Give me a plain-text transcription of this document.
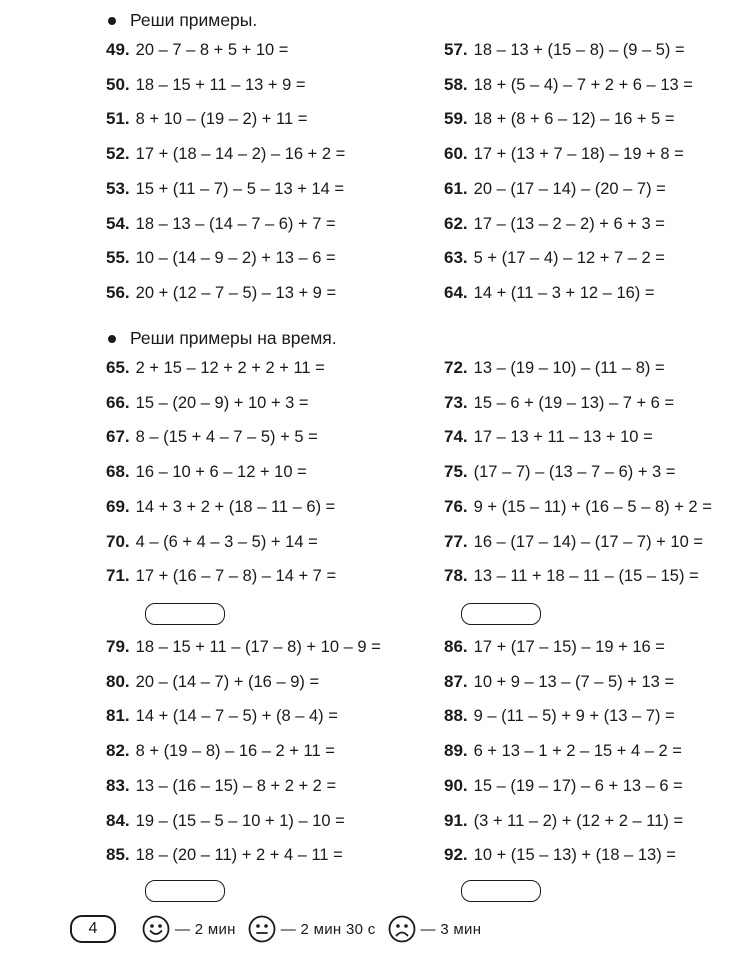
Реши примеры.
49. 20 – 7 – 8 + 5 + 10 =
50. 18 – 15 + 11 – 13 + 9 =
51. 8 + 10 – (19 – 2) + 11 =
52. 17 + (18 – 14 – 2) – 16 + 2 =
53. 15 + (11 – 7) – 5 – 13 + 14 =
54. 18 – 13 – (14 – 7 – 6) + 7 =
55. 10 – (14 – 9 – 2) + 13 – 6 =
56. 20 + (12 – 7 – 5) – 13 + 9 =
57. 18 – 13 + (15 – 8) – (9 – 5) =
58. 18 + (5 – 4) – 7 + 2 + 6 – 13 =
59. 18 + (8 + 6 – 12) – 16 + 5 =
60. 17 + (13 + 7 – 18) – 19 + 8 =
61. 20 – (17 – 14) – (20 – 7) =
62. 17 – (13 – 2 – 2) + 6 + 3 =
63. 5 + (17 – 4) – 12 + 7 – 2 =
64. 14 + (11 – 3 + 12 – 16) =
Реши примеры на время.
65. 2 + 15 – 12 + 2 + 2 + 11 =
66. 15 – (20 – 9) + 10 + 3 =
67. 8 – (15 + 4 – 7 – 5) + 5 =
68. 16 – 10 + 6 – 12 + 10 =
69. 14 + 3 + 2 + (18 – 11 – 6) =
70. 4 – (6 + 4 – 3 – 5) + 14 =
71. 17 + (16 – 7 – 8) – 14 + 7 =
72. 13 – (19 – 10) – (11 – 8) =
73. 15 – 6 + (19 – 13) – 7 + 6 =
74. 17 – 13 + 11 – 13 + 10 =
75. (17 – 7) – (13 – 7 – 6) + 3 =
76. 9 + (15 – 11) + (16 – 5 – 8) + 2 =
77. 16 – (17 – 14) – (17 – 7) + 10 =
78. 13 – 11 + 18 – 11 – (15 – 15) =
79. 18 – 15 + 11 – (17 – 8) + 10 – 9 =
80. 20 – (14 – 7) + (16 – 9) =
81. 14 + (14 – 7 – 5) + (8 – 4) =
82. 8 + (19 – 8) – 16 – 2 + 11 =
83. 13 – (16 – 15) – 8 + 2 + 2 =
84. 19 – (15 – 5 – 10 + 1) – 10 =
85. 18 – (20 – 11) + 2 + 4 – 11 =
86. 17 + (17 – 15) – 19 + 16 =
87. 10 + 9 – 13 – (7 – 5) + 13 =
88. 9 – (11 – 5) + 9 + (13 – 7) =
89. 6 + 13 – 1 + 2 – 15 + 4 – 2 =
90. 15 – (19 – 17) – 6 + 13 – 6 =
91. (3 + 11 – 2) + (12 + 2 – 11) =
92. 10 + (15 – 13) + (18 – 13) =
4	— 2 мин	— 2 мин 30 с	— 3 мин
